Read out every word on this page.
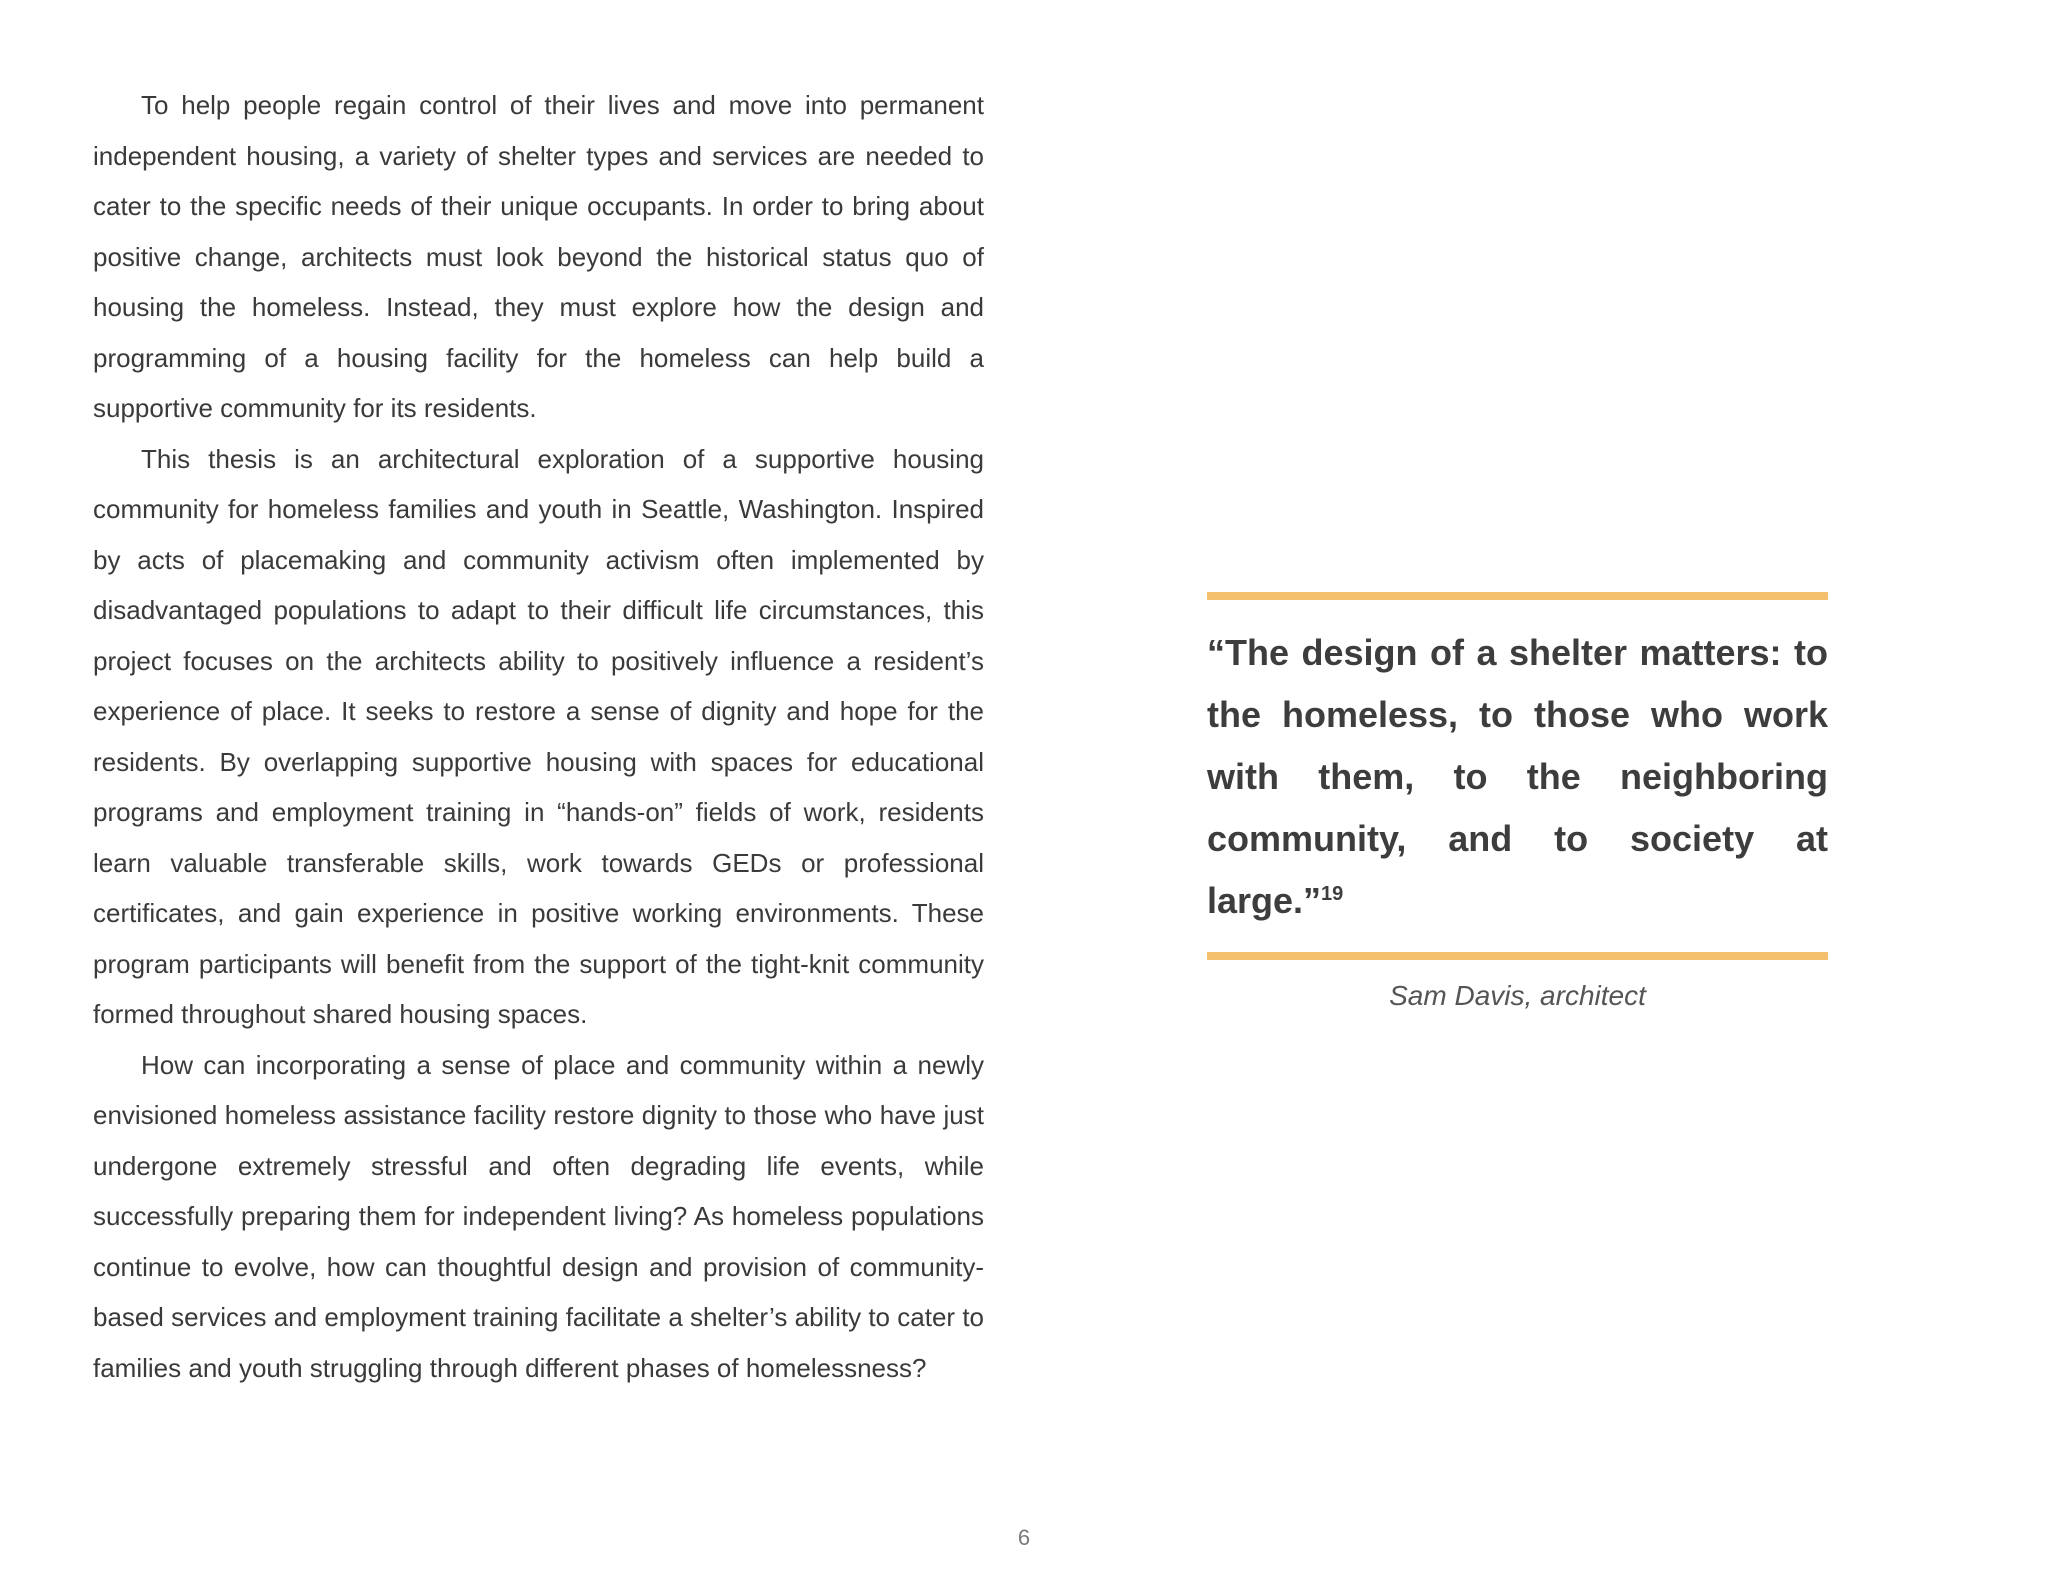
To help people regain control of their lives and move into permanent independent housing, a variety of shelter types and services are needed to cater to the specific needs of their unique occupants. In order to bring about positive change, architects must look beyond the historical status quo of housing the homeless. Instead, they must explore how the design and programming of a housing facility for the homeless can help build a supportive community for its residents.

This thesis is an architectural exploration of a supportive housing community for homeless families and youth in Seattle, Washington. Inspired by acts of placemaking and community activism often implemented by disadvantaged populations to adapt to their difficult life circumstances, this project focuses on the architects ability to positively influence a resident’s experience of place. It seeks to restore a sense of dignity and hope for the residents. By overlapping supportive housing with spaces for educational programs and employment training in “hands-on” fields of work, residents learn valuable transferable skills, work towards GEDs or professional certificates, and gain experience in positive working environments. These program participants will benefit from the support of the tight-knit community formed throughout shared housing spaces.

How can incorporating a sense of place and community within a newly envisioned homeless assistance facility restore dignity to those who have just undergone extremely stressful and often degrading life events, while successfully preparing them for independent living? As homeless populations continue to evolve, how can thoughtful design and provision of community-based services and employment training facilitate a shelter’s ability to cater to families and youth struggling through different phases of homelessness?

“The design of a shelter matters: to the homeless, to those who work with them, to the neighboring community, and to society at large.”$^{19}$
Sam Davis, architect
6
